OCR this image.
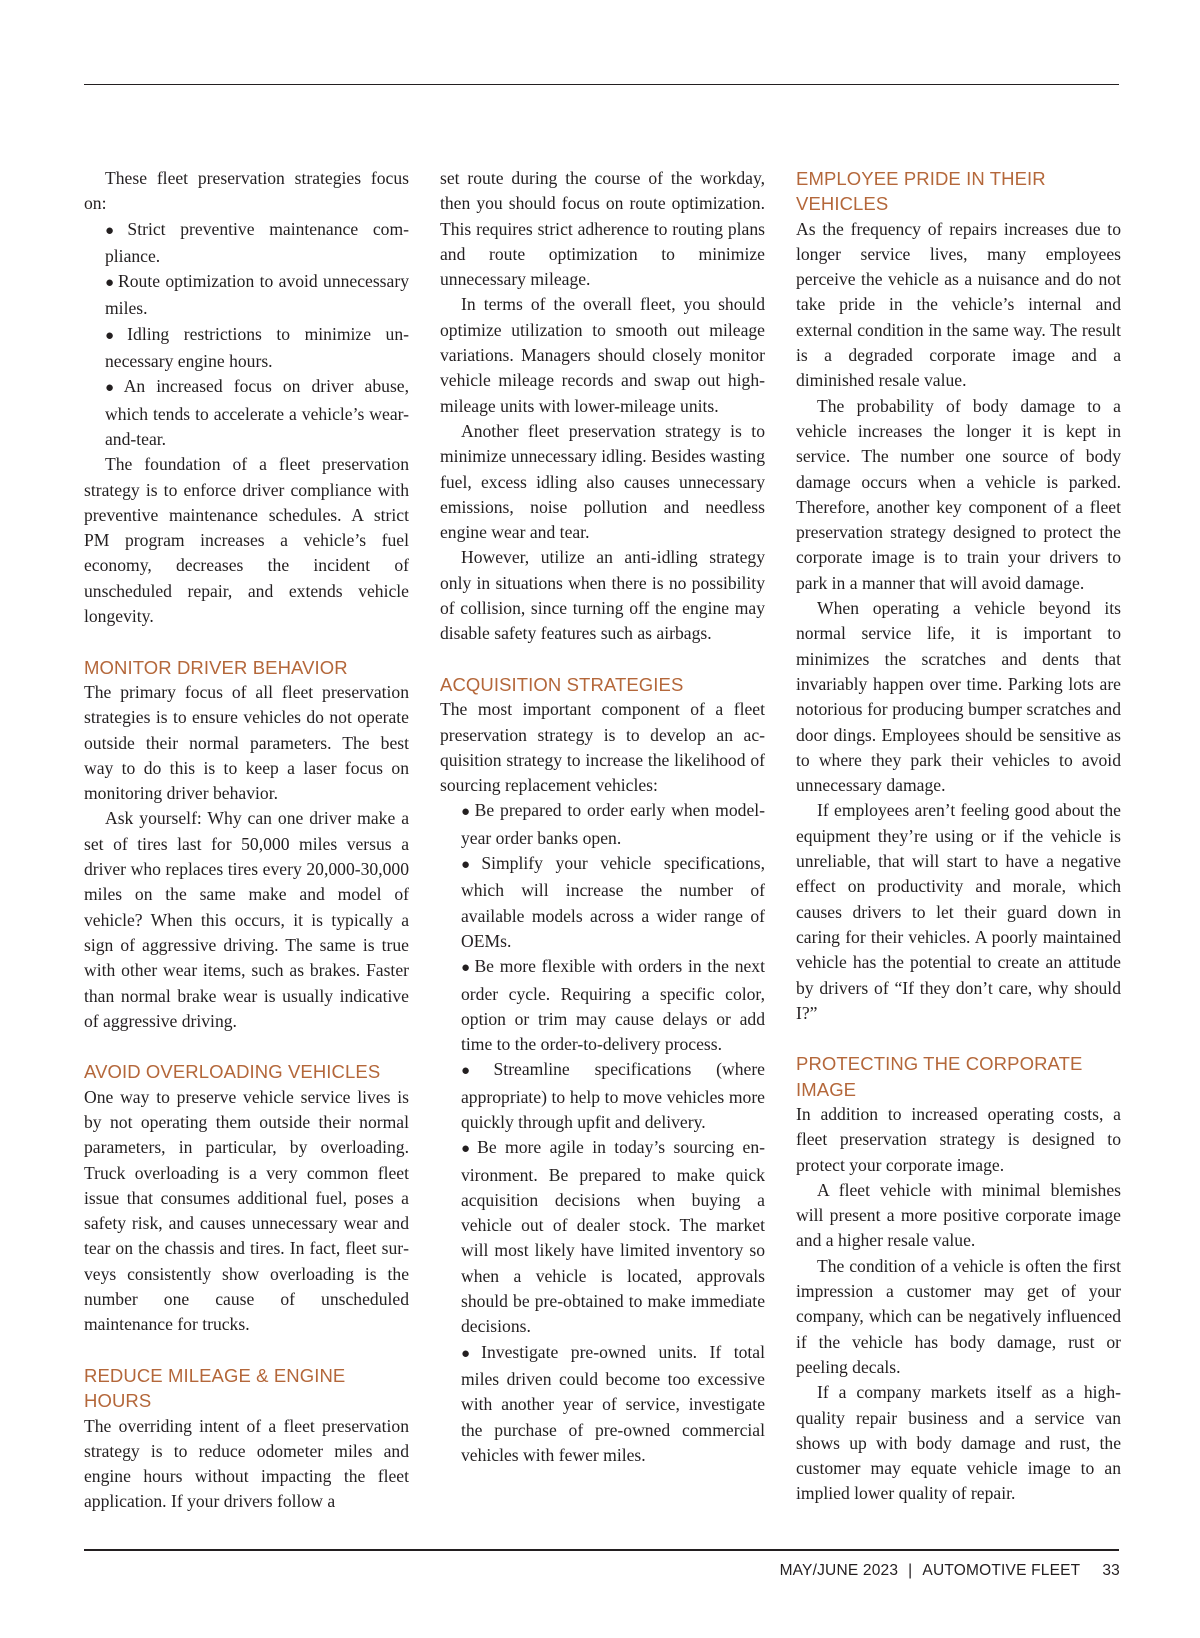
These fleet preservation strategies focus on:

● Strict preventive maintenance compliance.
● Route optimization to avoid unnecessary miles.
● Idling restrictions to minimize unnecessary engine hours.
● An increased focus on driver abuse, which tends to accelerate a vehicle’s wear-and-tear.

The foundation of a fleet preservation strategy is to enforce driver compliance with preventive maintenance schedules. A strict PM program increases a vehicle’s fuel economy, decreases the incident of unscheduled repair, and extends vehicle longevity.

MONITOR DRIVER BEHAVIOR

The primary focus of all fleet preservation strategies is to ensure vehicles do not operate outside their normal parameters. The best way to do this is to keep a laser focus on monitoring driver behavior.

Ask yourself: Why can one driver make a set of tires last for 50,000 miles versus a driver who replaces tires every 20,000-30,000 miles on the same make and model of vehicle? When this occurs, it is typically a sign of aggressive driving. The same is true with other wear items, such as brakes. Faster than normal brake wear is usually indicative of aggressive driving.

AVOID OVERLOADING VEHICLES

One way to preserve vehicle service lives is by not operating them outside their normal parameters, in particular, by overloading. Truck overloading is a very common fleet issue that consumes additional fuel, poses a safety risk, and causes unnecessary wear and tear on the chassis and tires. In fact, fleet surveys consistently show overloading is the number one cause of unscheduled maintenance for trucks.

REDUCE MILEAGE & ENGINE HOURS

The overriding intent of a fleet preservation strategy is to reduce odometer miles and engine hours without impacting the fleet application. If your drivers follow a

set route during the course of the workday, then you should focus on route optimization. This requires strict adherence to routing plans and route optimization to minimize unnecessary mileage.

In terms of the overall fleet, you should optimize utilization to smooth out mileage variations. Managers should closely monitor vehicle mileage records and swap out high-mileage units with lower-mileage units.

Another fleet preservation strategy is to minimize unnecessary idling. Besides wasting fuel, excess idling also causes unnecessary emissions, noise pollution and needless engine wear and tear.

However, utilize an anti-idling strategy only in situations when there is no possibility of collision, since turning off the engine may disable safety features such as airbags.

ACQUISITION STRATEGIES

The most important component of a fleet preservation strategy is to develop an acquisition strategy to increase the likelihood of sourcing replacement vehicles:

● Be prepared to order early when model-year order banks open.
● Simplify your vehicle specifications, which will increase the number of available models across a wider range of OEMs.
● Be more flexible with orders in the next order cycle. Requiring a specific color, option or trim may cause delays or add time to the order-to-delivery process.
● Streamline specifications (where appropriate) to help to move vehicles more quickly through upfit and delivery.
● Be more agile in today’s sourcing environment. Be prepared to make quick acquisition decisions when buying a vehicle out of dealer stock. The market will most likely have limited inventory so when a vehicle is located, approvals should be pre-obtained to make immediate decisions.
● Investigate pre-owned units. If total miles driven could become too excessive with another year of service, investigate the purchase of pre-owned commercial vehicles with fewer miles.
EMPLOYEE PRIDE IN THEIR VEHICLES

As the frequency of repairs increases due to longer service lives, many employees perceive the vehicle as a nuisance and do not take pride in the vehicle’s internal and external condition in the same way. The result is a degraded corporate image and a diminished resale value.

The probability of body damage to a vehicle increases the longer it is kept in service. The number one source of body damage occurs when a vehicle is parked. Therefore, another key component of a fleet preservation strategy designed to protect the corporate image is to train your drivers to park in a manner that will avoid damage.

When operating a vehicle beyond its normal service life, it is important to minimizes the scratches and dents that invariably happen over time. Parking lots are notorious for producing bumper scratches and door dings. Employees should be sensitive as to where they park their vehicles to avoid unnecessary damage.

If employees aren’t feeling good about the equipment they’re using or if the vehicle is unreliable, that will start to have a negative effect on productivity and morale, which causes drivers to let their guard down in caring for their vehicles. A poorly maintained vehicle has the potential to create an attitude by drivers of “If they don’t care, why should I?”

PROTECTING THE CORPORATE IMAGE

In addition to increased operating costs, a fleet preservation strategy is designed to protect your corporate image.

A fleet vehicle with minimal blemishes will present a more positive corporate image and a higher resale value.

The condition of a vehicle is often the first impression a customer may get of your company, which can be negatively influenced if the vehicle has body damage, rust or peeling decals.

If a company markets itself as a high-quality repair business and a service van shows up with body damage and rust, the customer may equate vehicle image to an implied lower quality of repair.

MAY/JUNE 2023 | AUTOMOTIVE FLEET 33
